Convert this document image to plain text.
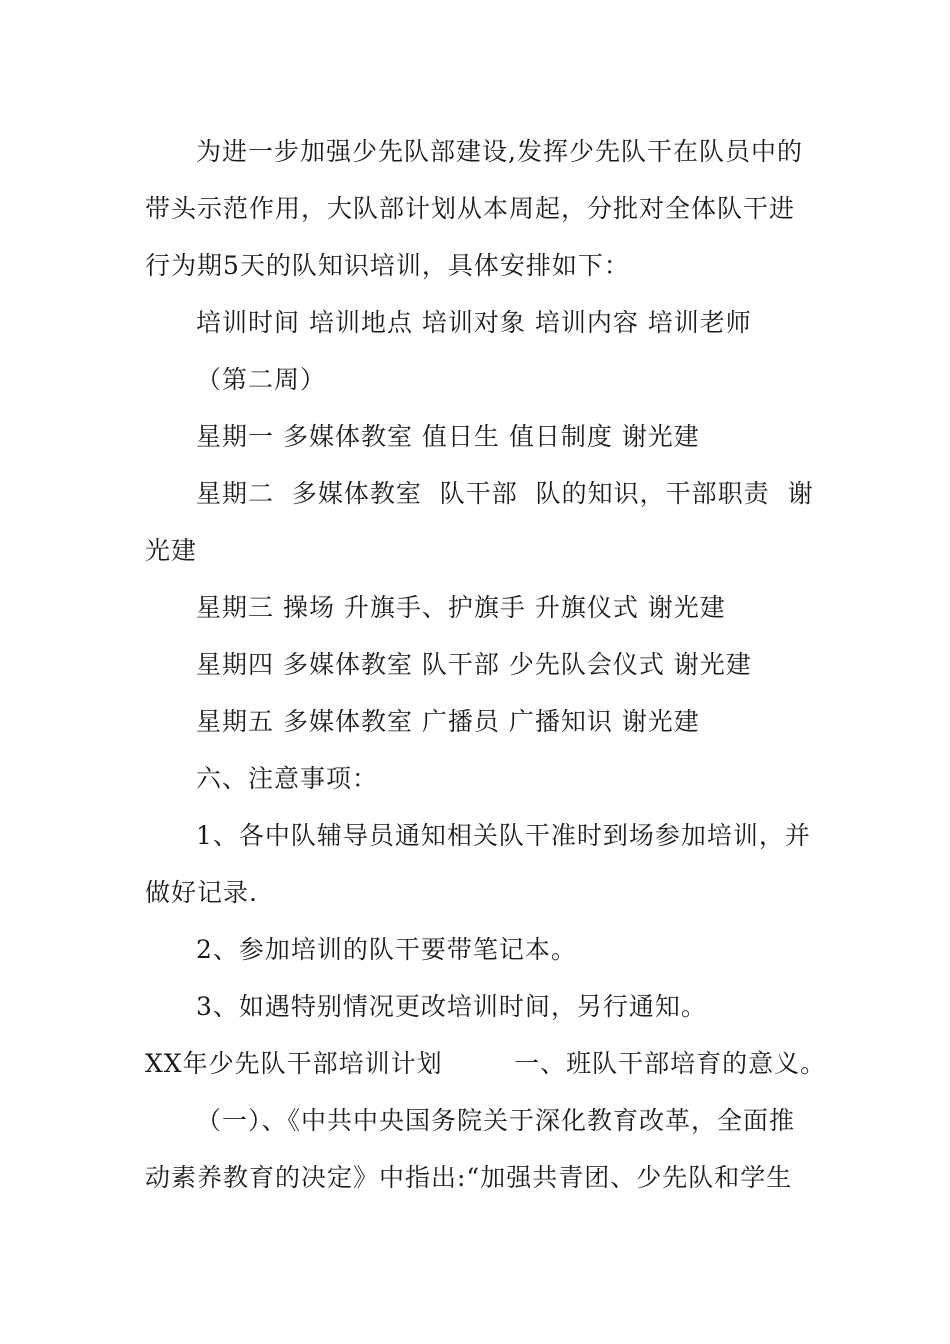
为进一步加强少先队部建设,发挥少先队干在队员中的
带头示范作用，大队部计划从本周起，分批对全体队干进
行为期5天的队知识培训，具体安排如下：
培训时间 培训地点 培训对象 培训内容 培训老师
（第二周）
星期一 多媒体教室 值日生 值日制度 谢光建
星期二  多媒体教室  队干部  队的知识，干部职责  谢
光建
星期三 操场 升旗手、护旗手 升旗仪式 谢光建
星期四 多媒体教室 队干部 少先队会仪式 谢光建
星期五 多媒体教室 广播员 广播知识 谢光建
六、注意事项：
1、各中队辅导员通知相关队干准时到场参加培训，并
做好记录.
2、参加培训的队干要带笔记本。
3、如遇特别情况更改培训时间，另行通知。
XX年少先队干部培训计划        一、班队干部培育的意义。
（一）、《中共中央国务院关于深化教育改革，全面推
动素养教育的决定》中指出:“加强共青团、少先队和学生
